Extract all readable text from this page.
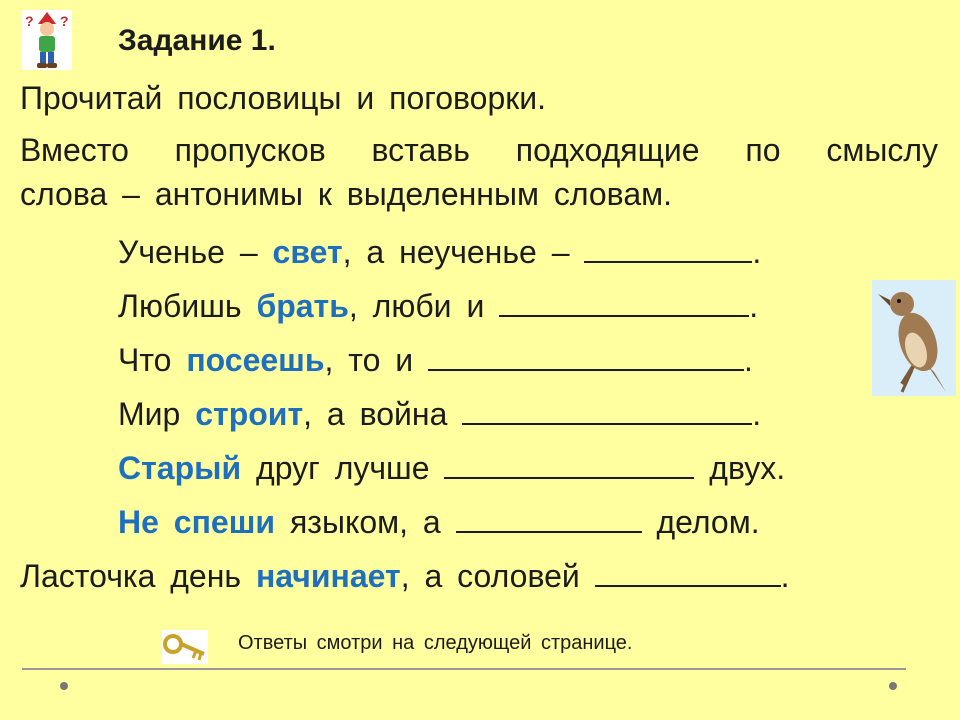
? ?
Задание 1.
Прочитай пословицы и поговорки.
Вместо пропусков вставь подходящие по смыслу
слова – антонимы к выделенным словам.
Ученье – свет, а неученье –	.
Любишь брать, люби и	.
Что посеешь, то и	.
Мир строит, а война	.
Старый друг лучше	двух.
Не спеши языком, а	делом.
Ласточка день начинает, а соловей	.
Ответы смотри на следующей странице.
